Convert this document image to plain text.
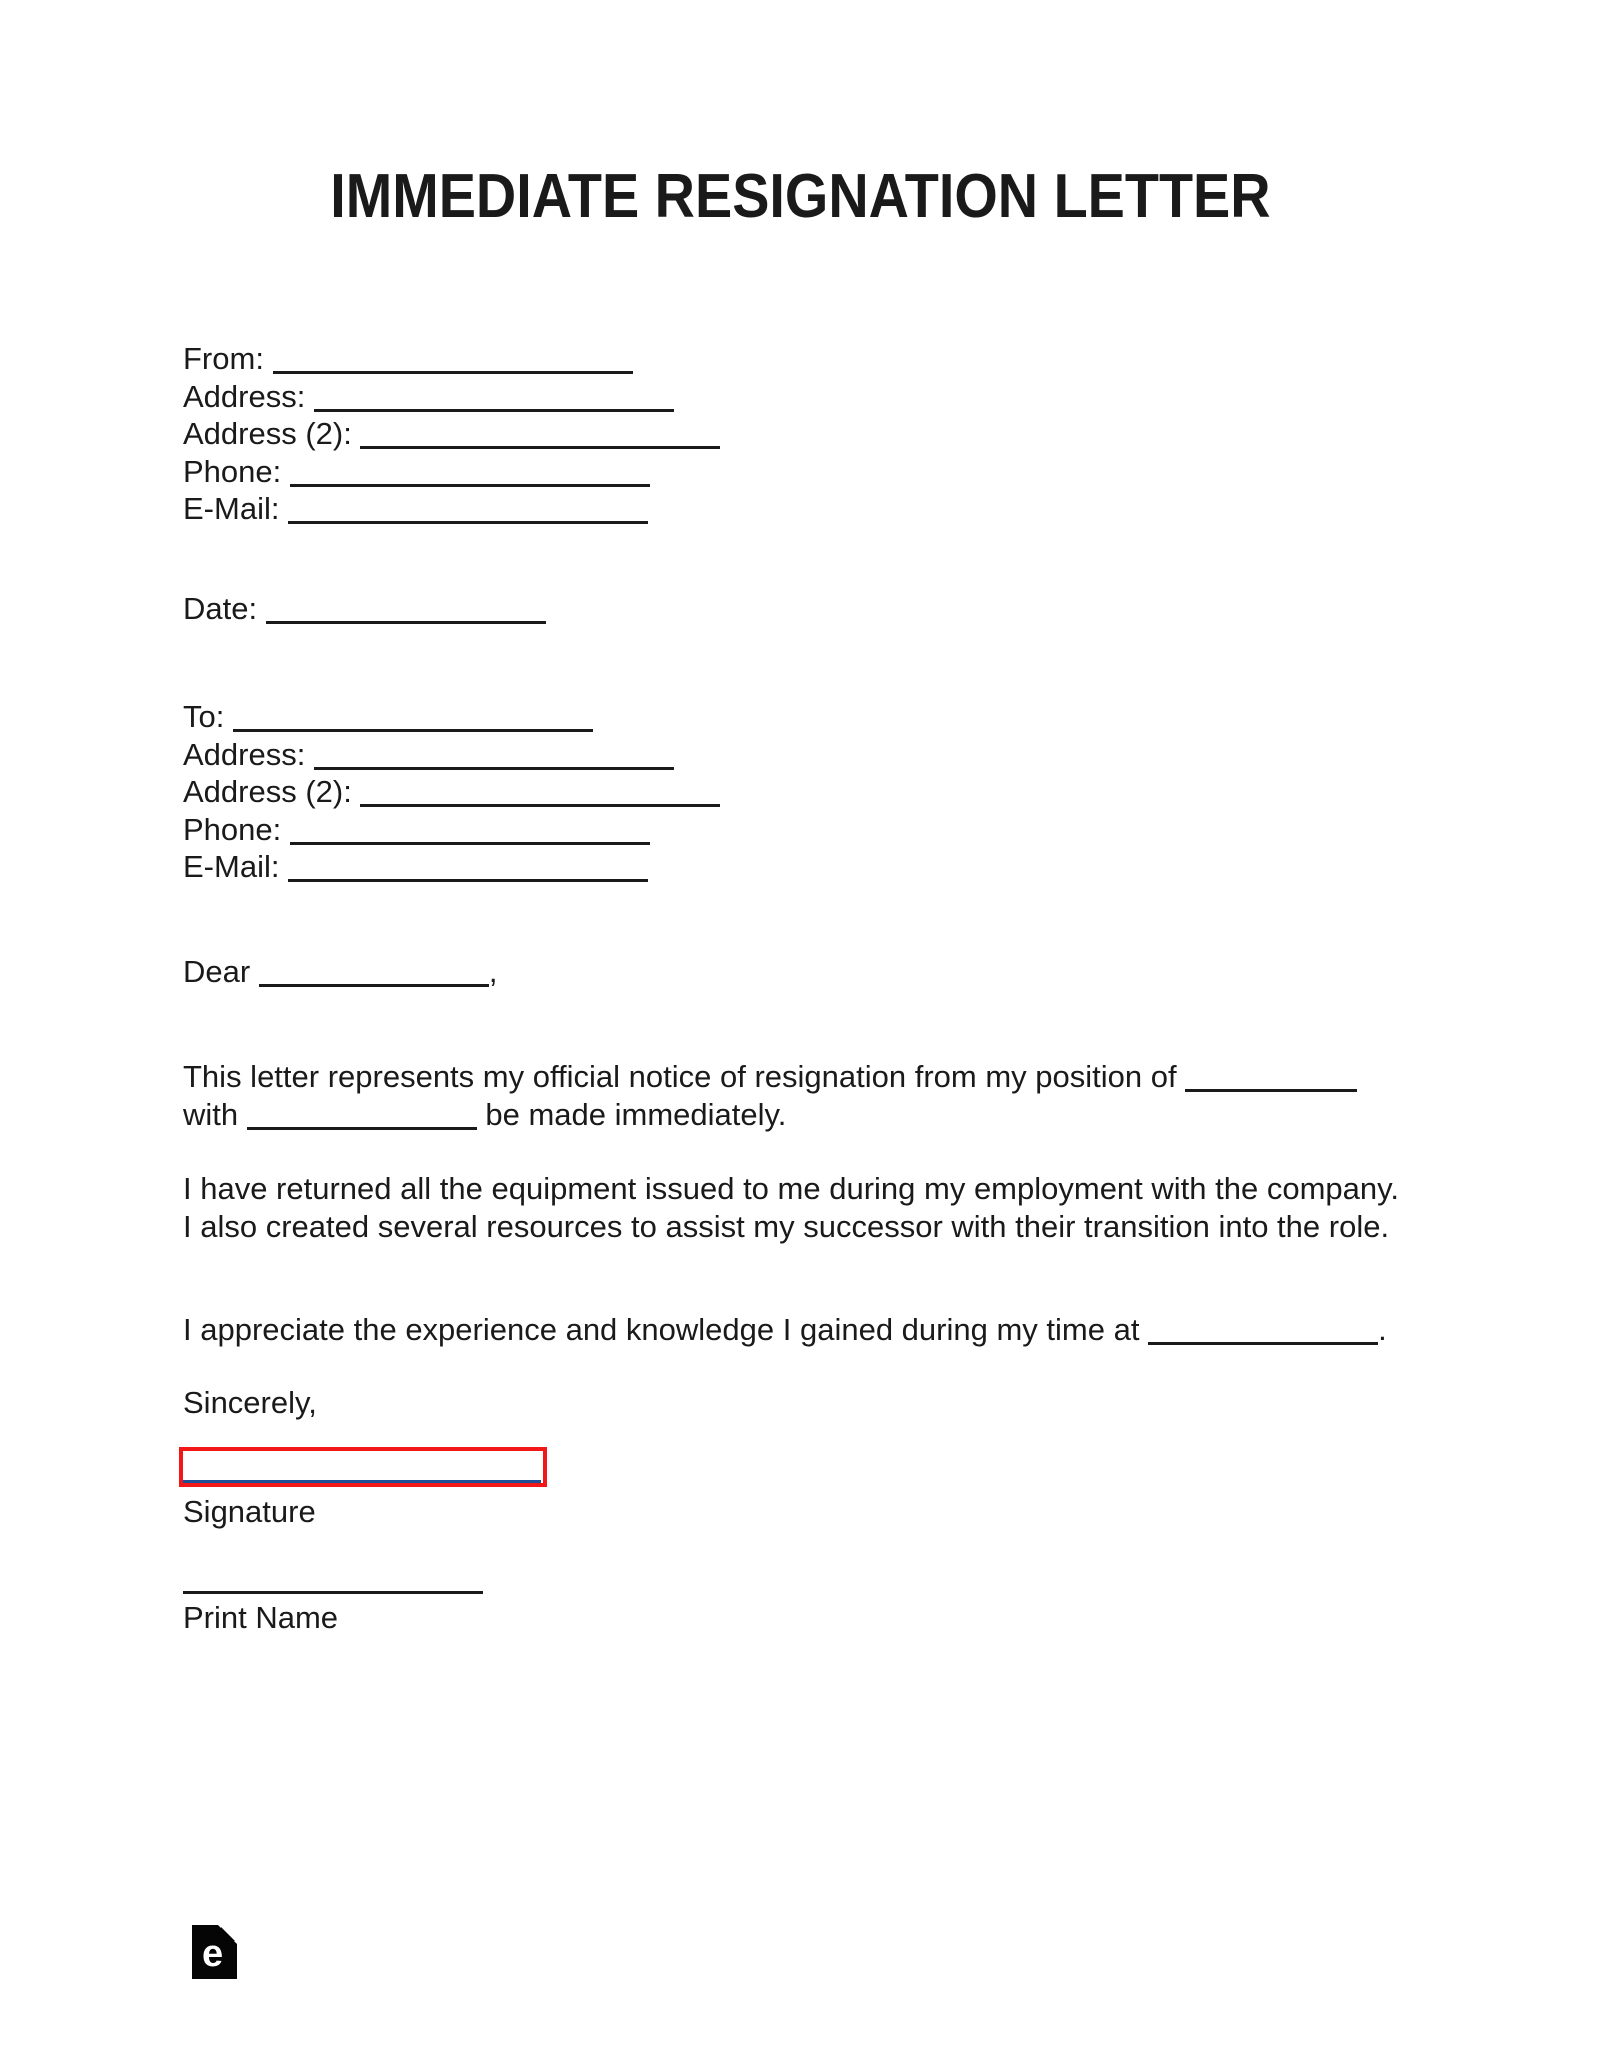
IMMEDIATE RESIGNATION LETTER
From:
Address:
Address (2):
Phone:
E-Mail:
Date:
To:
Address:
Address (2):
Phone:
E-Mail:
Dear	,

This letter represents my official notice of resignation from my position of  with	be made immediately.

I have returned all the equipment issued to me during my employment with the company. I also created several resources to assist my successor with their transition into the role.

I appreciate the experience and knowledge I gained during my time at	.

Sincerely,
Signature
Print Name
e
